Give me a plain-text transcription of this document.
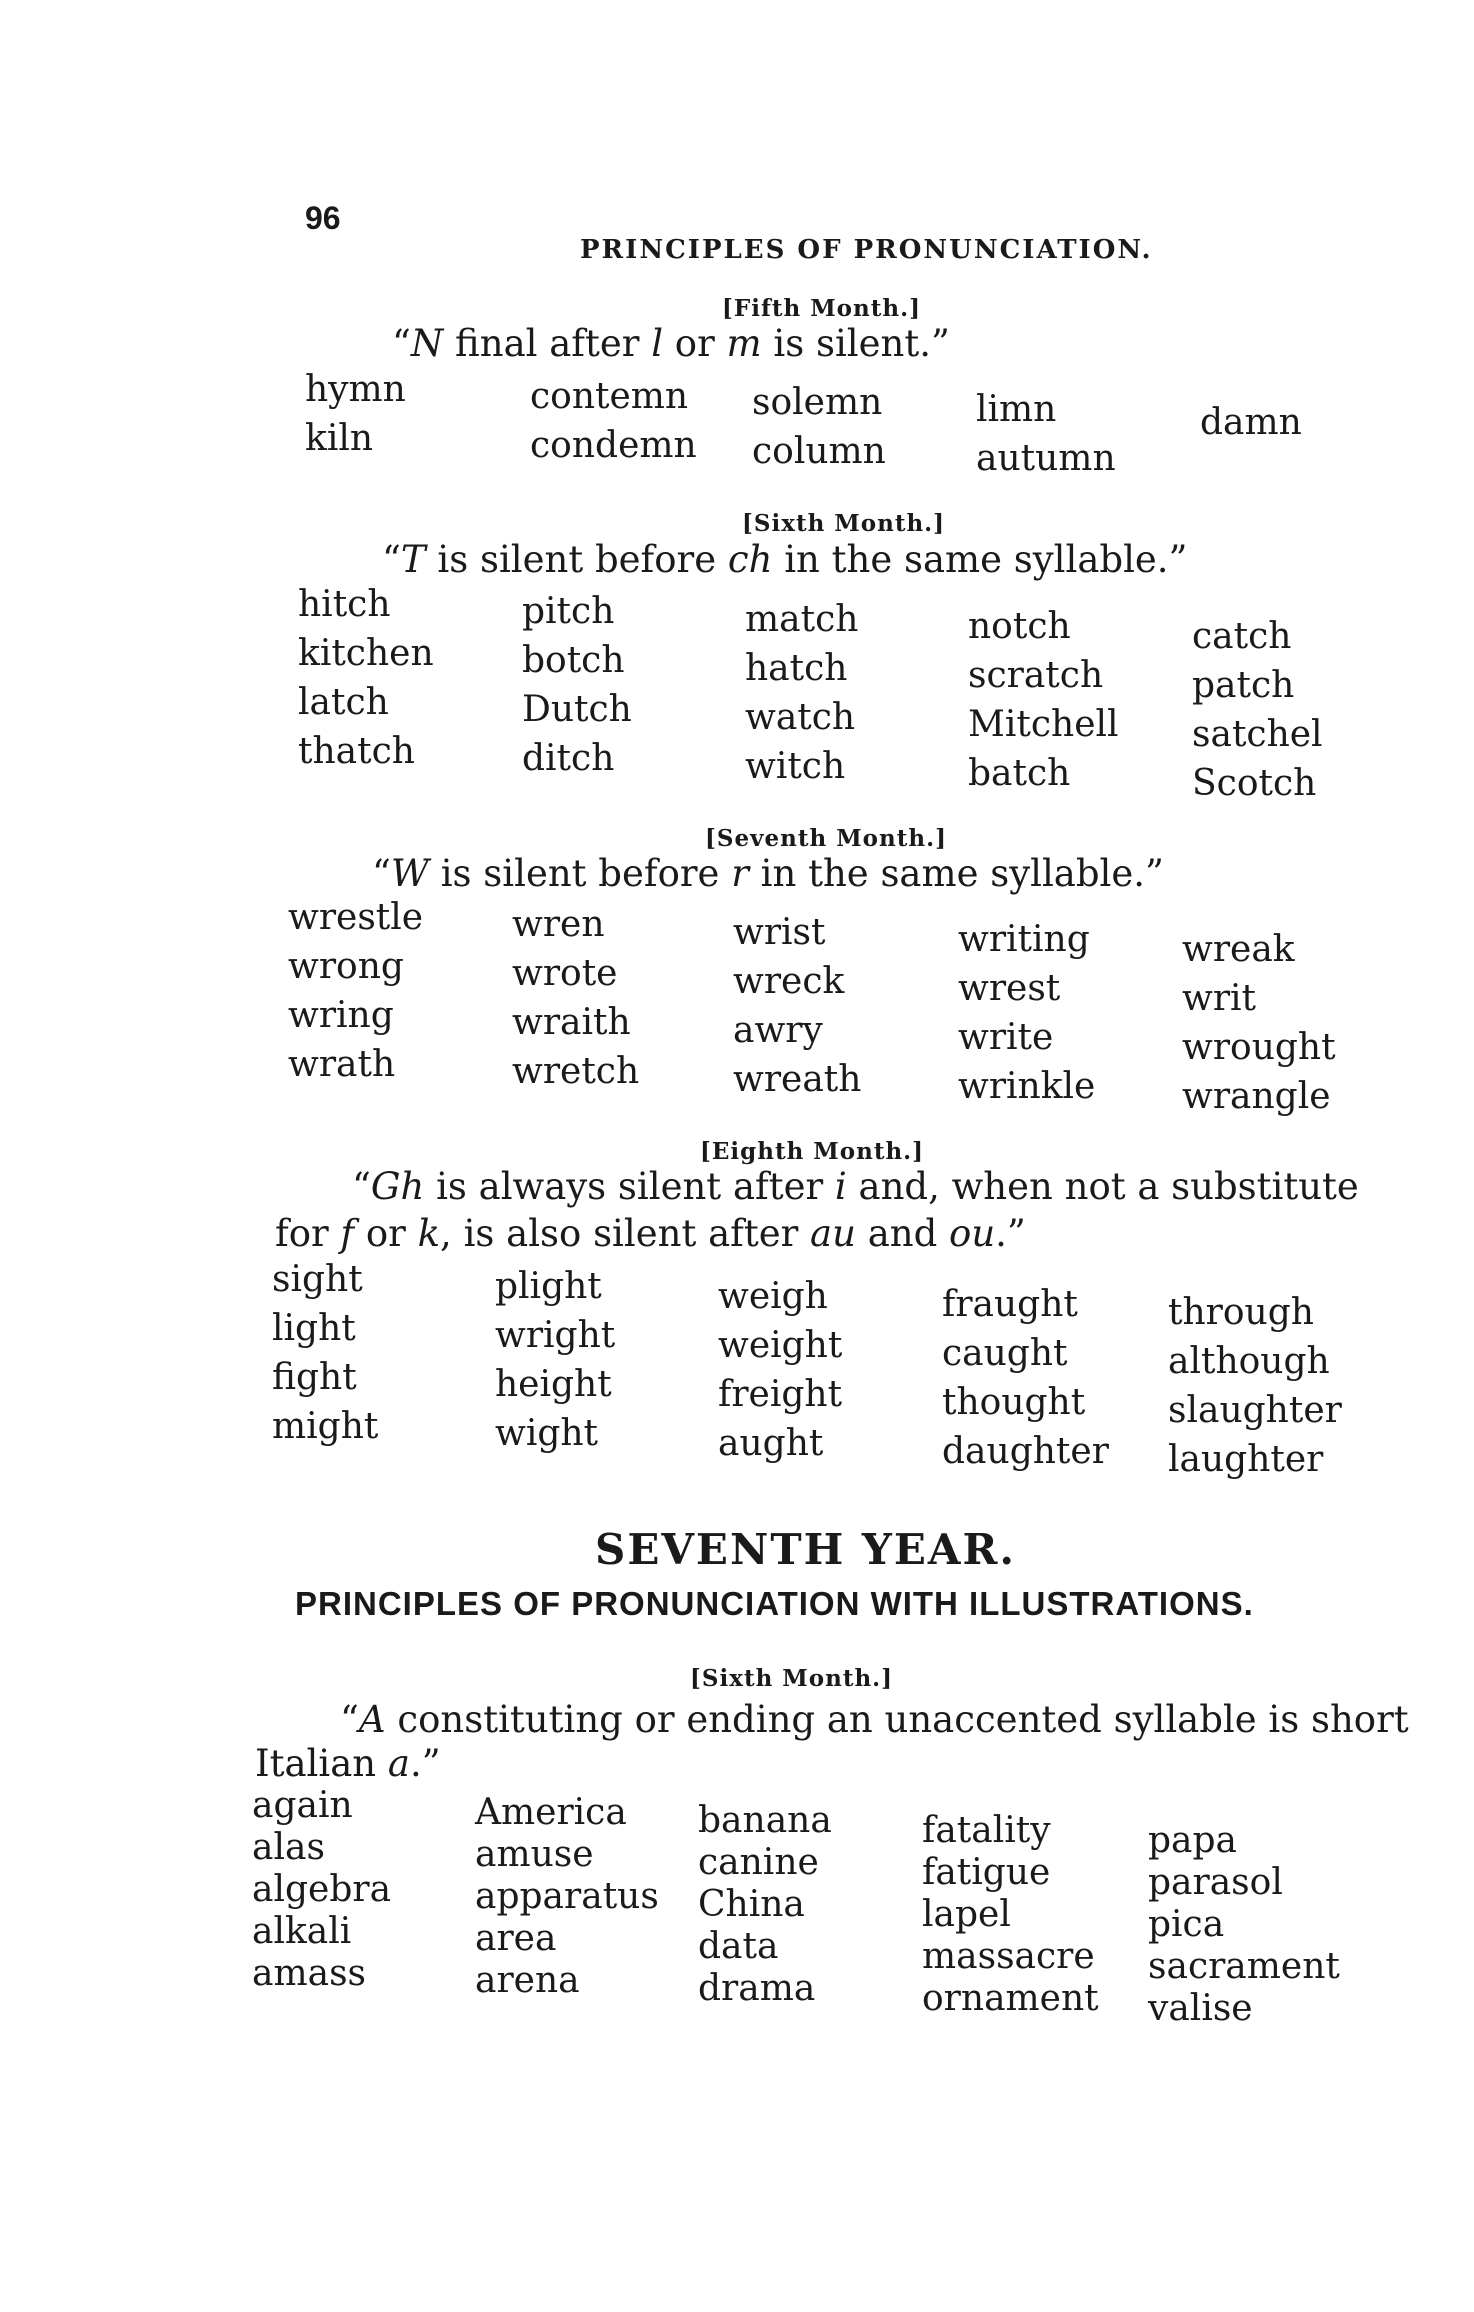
96
PRINCIPLES OF PRONUNCIATION.
[Fifth Month.]
“N final after l or m is silent.”
hymn
kiln
contemn
condemn
solemn
column
limn
autumn
damn
[Sixth Month.]
“T is silent before ch in the same syllable.”
hitch
kitchen
latch
thatch
pitch
botch
Dutch
ditch
match
hatch
watch
witch
notch
scratch
Mitchell
batch
catch
patch
satchel
Scotch
[Seventh Month.]
“W is silent before r in the same syllable.”
wrestle
wrong
wring
wrath
wren
wrote
wraith
wretch
wrist
wreck
awry
wreath
writing
wrest
write
wrinkle
wreak
writ
wrought
wrangle
[Eighth Month.]
“Gh is always silent after i and, when not a substitute
for f or k, is also silent after au and ou.”
sight
light
fight
might
plight
wright
height
wight
weigh
weight
freight
aught
fraught
caught
thought
daughter
through
although
slaughter
laughter
SEVENTH YEAR.
PRINCIPLES OF PRONUNCIATION WITH ILLUSTRATIONS.
[Sixth Month.]
“A constituting or ending an unaccented syllable is short
Italian a.”
again
alas
algebra
alkali
amass
America
amuse
apparatus
area
arena
banana
canine
China
data
drama
fatality
fatigue
lapel
massacre
ornament
papa
parasol
pica
sacrament
valise
